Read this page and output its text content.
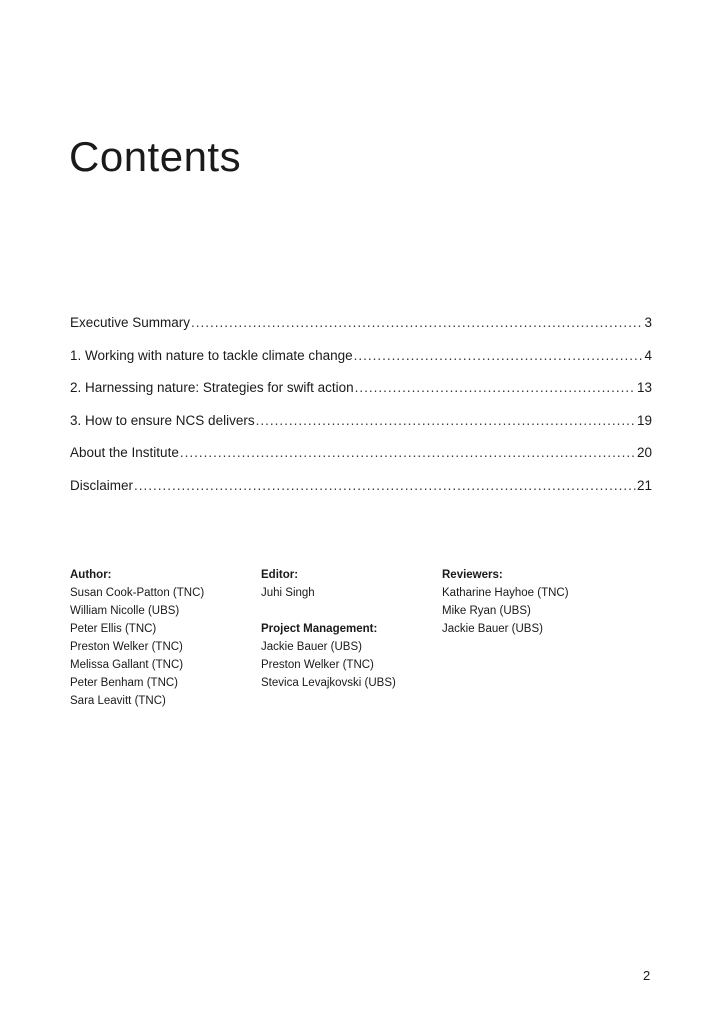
Contents
Executive Summary .....	3
1. Working with nature to tackle climate change .....	4
2. Harnessing nature: Strategies for swift action .....	13
3. How to ensure NCS delivers .....	19
About the Institute .....	20
Disclaimer .....	21
Author:
Susan Cook-Patton (TNC)
William Nicolle (UBS)
Peter Ellis (TNC)
Preston Welker (TNC)
Melissa Gallant (TNC)
Peter Benham (TNC)
Sara Leavitt (TNC)
Editor:
Juhi Singh
Project Management:
Jackie Bauer (UBS)
Preston Welker (TNC)
Stevica Levajkovski (UBS)
Reviewers:
Katharine Hayhoe (TNC)
Mike Ryan (UBS)
Jackie Bauer (UBS)
2
